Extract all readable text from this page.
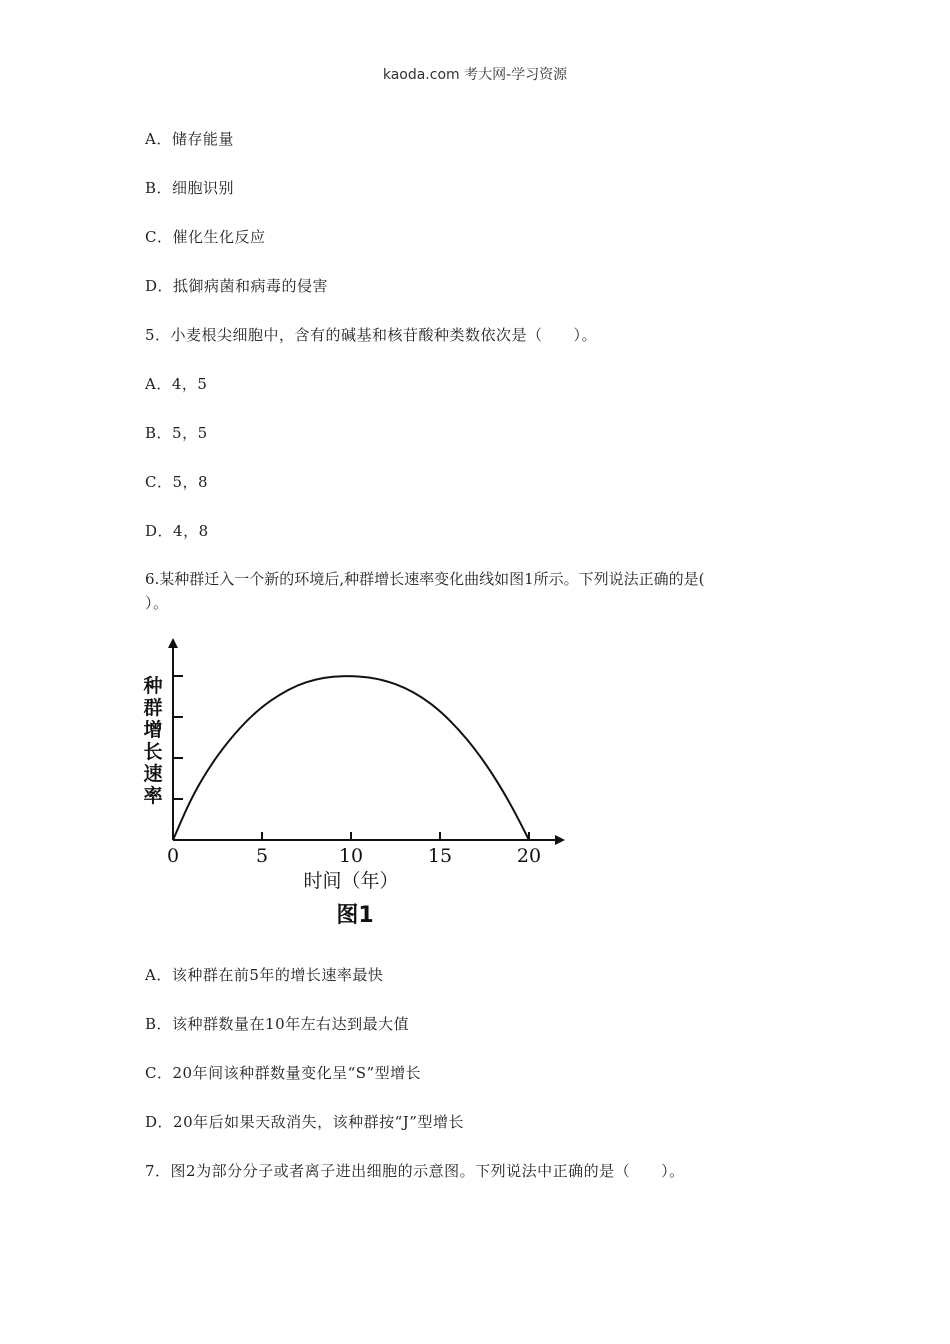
kaoda.com 考大网-学习资源
A．储存能量
B．细胞识别
C．催化生化反应
D．抵御病菌和病毒的侵害
5．小麦根尖细胞中，含有的碱基和核苷酸种类数依次是（　　）。
A．4，5
B．5，5
C．5，8
D．4，8
6.某种群迁入一个新的环境后,种群增长速率变化曲线如图1所示。下列说法正确的是(
）。
种
群
增
长
速
率
0	5	10	15	20
时间（年）
图1
A．该种群在前5年的增长速率最快
B．该种群数量在10年左右达到最大值
C．20年间该种群数量变化呈“S”型增长
D．20年后如果天敌消失，该种群按“J”型增长
7．图2为部分分子或者离子进出细胞的示意图。下列说法中正确的是（　　）。
